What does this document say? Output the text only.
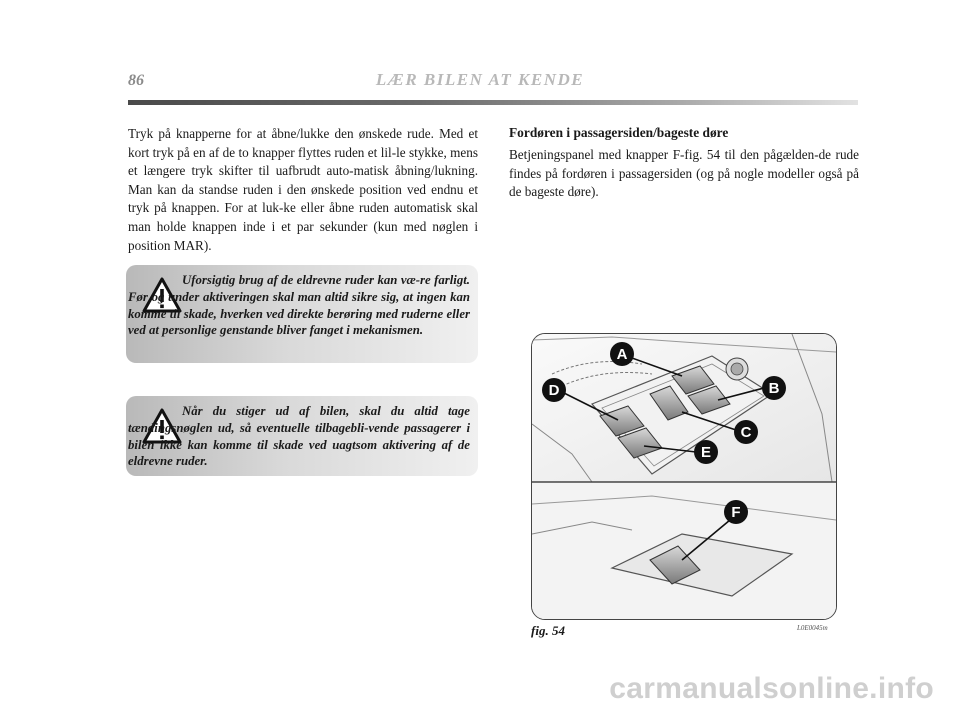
86	LÆR BILEN AT KENDE

Tryk på knapperne for at åbne/lukke den ønskede rude. Med et kort tryk på en af de to knapper flyttes ruden et lil-le stykke, mens et længere tryk skifter til uafbrudt auto-matisk åbning/lukning. Man kan da standse ruden i den ønskede position ved endnu et tryk på knappen. For at luk-ke eller åbne ruden automatisk skal man holde knappen inde i et par sekunder (kun med nøglen i position MAR).

Uforsigtig brug af de eldrevne ruder kan væ-re farligt. Før og under aktiveringen skal man altid sikre sig, at ingen kan komme til skade, hverken ved direkte berøring med ruderne eller ved at personlige genstande bliver fanget i mekanismen.

Når du stiger ud af bilen, skal du altid tage tændingsnøglen ud, så eventuelle tilbagebli-vende passagerer i bilen ikke kan komme til skade ved uagtsom aktivering af de eldrevne ruder.

Fordøren i passagersiden/bageste døre

Betjeningspanel med knapper F-fig. 54 til den pågælden-de rude findes på fordøren i passagersiden (og på nogle modeller også på de bageste døre).

A
B
C
D
E
F
fig. 54	L0E0045m
carmanualsonline.info
